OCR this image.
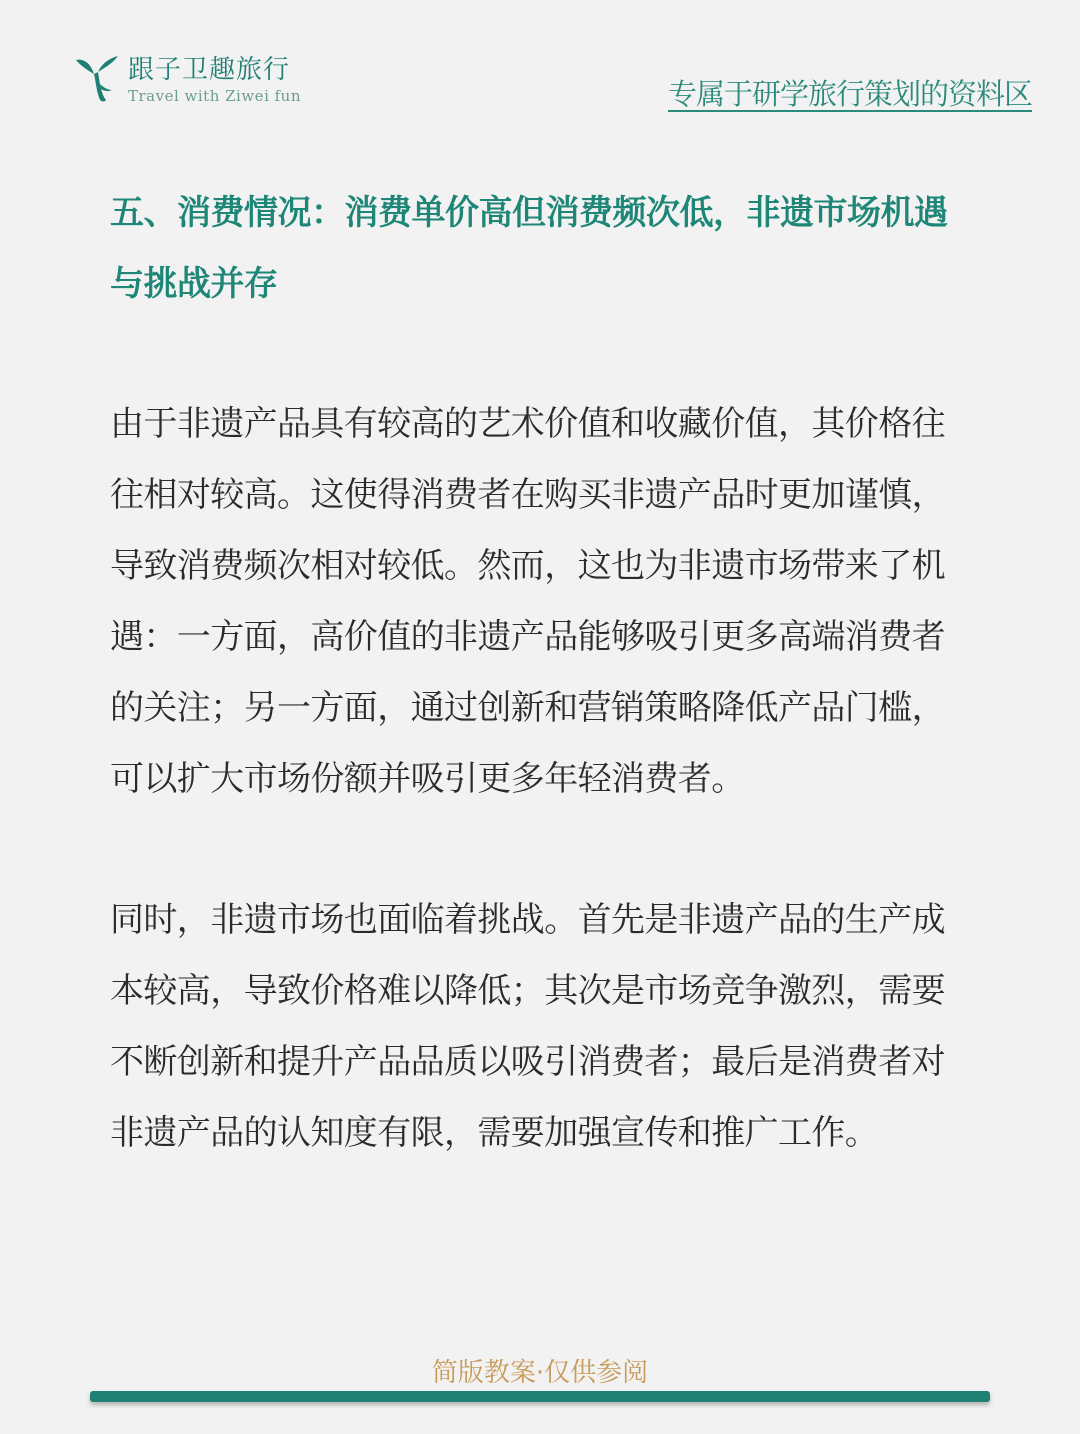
跟子卫趣旅行
Travel with Ziwei fun	专属于研学旅行策划的资料区
五、消费情况：消费单价高但消费频次低，非遗市场机遇与挑战并存

由于非遗产品具有较高的艺术价值和收藏价值，其价格往往相对较高。这使得消费者在购买非遗产品时更加谨慎，导致消费频次相对较低。然而，这也为非遗市场带来了机遇：一方面，高价值的非遗产品能够吸引更多高端消费者的关注；另一方面，通过创新和营销策略降低产品门槛，可以扩大市场份额并吸引更多年轻消费者。

同时，非遗市场也面临着挑战。首先是非遗产品的生产成本较高，导致价格难以降低；其次是市场竞争激烈，需要不断创新和提升产品品质以吸引消费者；最后是消费者对非遗产品的认知度有限，需要加强宣传和推广工作。

简版教案·仅供参阅
